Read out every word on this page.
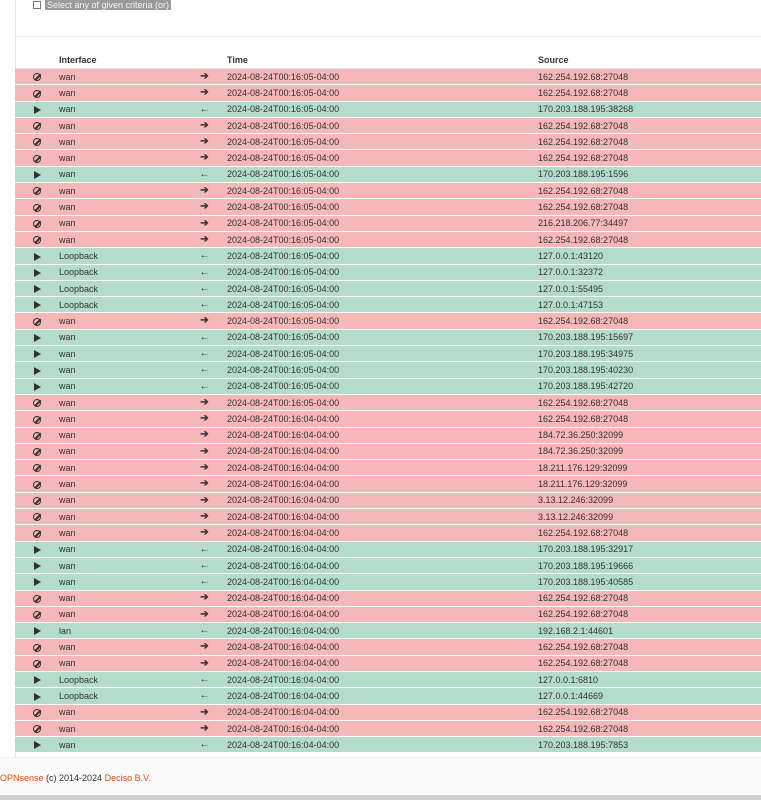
Select any of given criteria (or)
	Interface		Time	Source
	wan	➔	2024-08-24T00:16:05-04:00	162.254.192.68:27048
	wan	➔	2024-08-24T00:16:05-04:00	162.254.192.68:27048
	wan	←	2024-08-24T00:16:05-04:00	170.203.188.195:38268
	wan	➔	2024-08-24T00:16:05-04:00	162.254.192.68:27048
	wan	➔	2024-08-24T00:16:05-04:00	162.254.192.68:27048
	wan	➔	2024-08-24T00:16:05-04:00	162.254.192.68:27048
	wan	←	2024-08-24T00:16:05-04:00	170.203.188.195:1596
	wan	➔	2024-08-24T00:16:05-04:00	162.254.192.68:27048
	wan	➔	2024-08-24T00:16:05-04:00	162.254.192.68:27048
	wan	➔	2024-08-24T00:16:05-04:00	216.218.206.77:34497
	wan	➔	2024-08-24T00:16:05-04:00	162.254.192.68:27048
	Loopback	←	2024-08-24T00:16:05-04:00	127.0.0.1:43120
	Loopback	←	2024-08-24T00:16:05-04:00	127.0.0.1:32372
	Loopback	←	2024-08-24T00:16:05-04:00	127.0.0.1:55495
	Loopback	←	2024-08-24T00:16:05-04:00	127.0.0.1:47153
	wan	➔	2024-08-24T00:16:05-04:00	162.254.192.68:27048
	wan	←	2024-08-24T00:16:05-04:00	170.203.188.195:15697
	wan	←	2024-08-24T00:16:05-04:00	170.203.188.195:34975
	wan	←	2024-08-24T00:16:05-04:00	170.203.188.195:40230
	wan	←	2024-08-24T00:16:05-04:00	170.203.188.195:42720
	wan	➔	2024-08-24T00:16:05-04:00	162.254.192.68:27048
	wan	➔	2024-08-24T00:16:04-04:00	162.254.192.68:27048
	wan	➔	2024-08-24T00:16:04-04:00	184.72.36.250:32099
	wan	➔	2024-08-24T00:16:04-04:00	184.72.36.250:32099
	wan	➔	2024-08-24T00:16:04-04:00	18.211.176.129:32099
	wan	➔	2024-08-24T00:16:04-04:00	18.211.176.129:32099
	wan	➔	2024-08-24T00:16:04-04:00	3.13.12.246:32099
	wan	➔	2024-08-24T00:16:04-04:00	3.13.12.246:32099
	wan	➔	2024-08-24T00:16:04-04:00	162.254.192.68:27048
	wan	←	2024-08-24T00:16:04-04:00	170.203.188.195:32917
	wan	←	2024-08-24T00:16:04-04:00	170.203.188.195:19666
	wan	←	2024-08-24T00:16:04-04:00	170.203.188.195:40585
	wan	➔	2024-08-24T00:16:04-04:00	162.254.192.68:27048
	wan	➔	2024-08-24T00:16:04-04:00	162.254.192.68:27048
	lan	←	2024-08-24T00:16:04-04:00	192.168.2.1:44601
	wan	➔	2024-08-24T00:16:04-04:00	162.254.192.68:27048
	wan	➔	2024-08-24T00:16:04-04:00	162.254.192.68:27048
	Loopback	←	2024-08-24T00:16:04-04:00	127.0.0.1:6810
	Loopback	←	2024-08-24T00:16:04-04:00	127.0.0.1:44669
	wan	➔	2024-08-24T00:16:04-04:00	162.254.192.68:27048
	wan	➔	2024-08-24T00:16:04-04:00	162.254.192.68:27048
	wan	←	2024-08-24T00:16:04-04:00	170.203.188.195:7853
OPNsense (c) 2014-2024 Deciso B.V.
